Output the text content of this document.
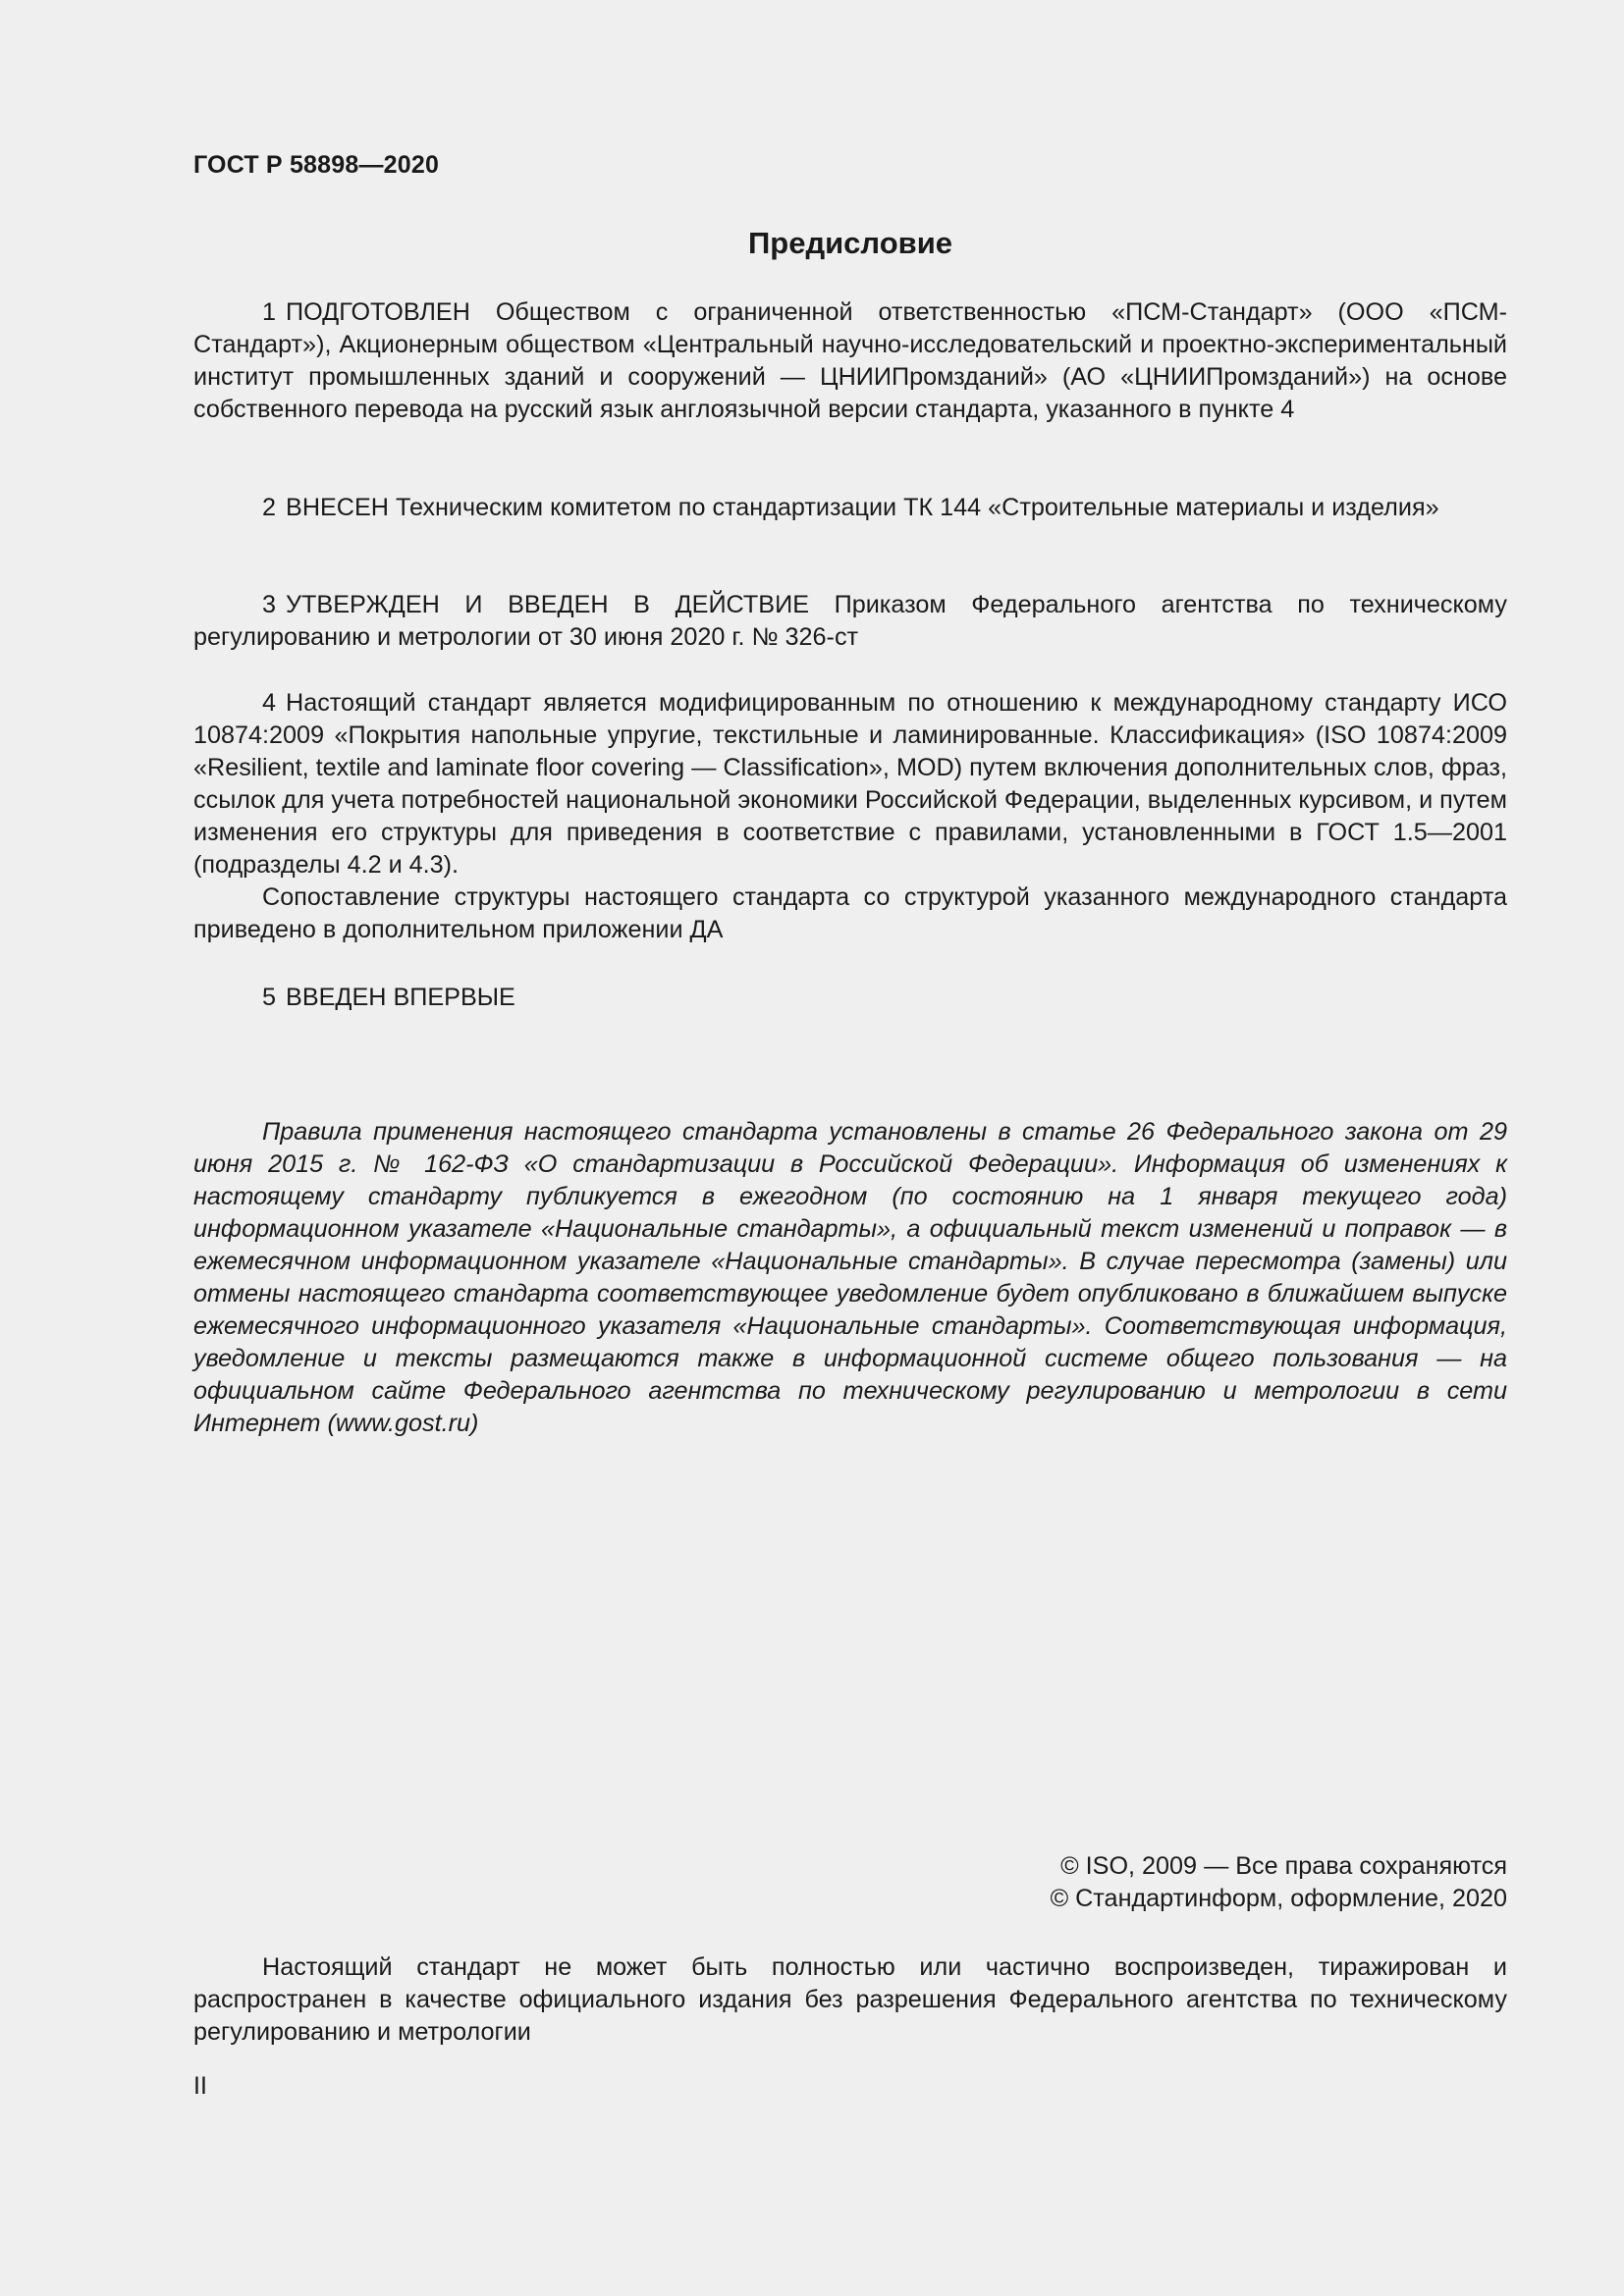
ГОСТ Р 58898—2020
Предисловие

1 ПОДГОТОВЛЕН Обществом с ограниченной ответственностью «ПСМ-Стандарт» (ООО «ПСМ-Стандарт»), Акционерным обществом «Центральный научно-исследовательский и проектно-экспериментальный институт промышленных зданий и сооружений — ЦНИИПромзданий» (АО «ЦНИИПромзданий») на основе собственного перевода на русский язык англоязычной версии стандарта, указанного в пункте 4

2 ВНЕСЕН Техническим комитетом по стандартизации ТК 144 «Строительные материалы и изделия»

3 УТВЕРЖДЕН И ВВЕДЕН В ДЕЙСТВИЕ Приказом Федерального агентства по техническому регулированию и метрологии от 30 июня 2020 г. № 326-ст

4 Настоящий стандарт является модифицированным по отношению к международному стандарту ИСО 10874:2009 «Покрытия напольные упругие, текстильные и ламинированные. Классификация» (ISO 10874:2009 «Resilient, textile and laminate floor covering — Classification», MOD) путем включения дополнительных слов, фраз, ссылок для учета потребностей национальной экономики Российской Федерации, выделенных курсивом, и путем изменения его структуры для приведения в соответствие с правилами, установленными в ГОСТ 1.5—2001 (подразделы 4.2 и 4.3).

Сопоставление структуры настоящего стандарта со структурой указанного международного стандарта приведено в дополнительном приложении ДА

5 ВВЕДЕН ВПЕРВЫЕ

Правила применения настоящего стандарта установлены в статье 26 Федерального закона от 29 июня 2015 г. № 162-ФЗ «О стандартизации в Российской Федерации». Информация об изменениях к настоящему стандарту публикуется в ежегодном (по состоянию на 1 января текущего года) информационном указателе «Национальные стандарты», а официальный текст изменений и поправок — в ежемесячном информационном указателе «Национальные стандарты». В случае пересмотра (замены) или отмены настоящего стандарта соответствующее уведомление будет опубликовано в ближайшем выпуске ежемесячного информационного указателя «Национальные стандарты». Соответствующая информация, уведомление и тексты размещаются также в информационной системе общего пользования — на официальном сайте Федерального агентства по техническому регулированию и метрологии в сети Интернет (www.gost.ru)

© ISO, 2009 — Все права сохраняются
© Стандартинформ, оформление, 2020

Настоящий стандарт не может быть полностью или частично воспроизведен, тиражирован и распространен в качестве официального издания без разрешения Федерального агентства по техническому регулированию и метрологии

II
